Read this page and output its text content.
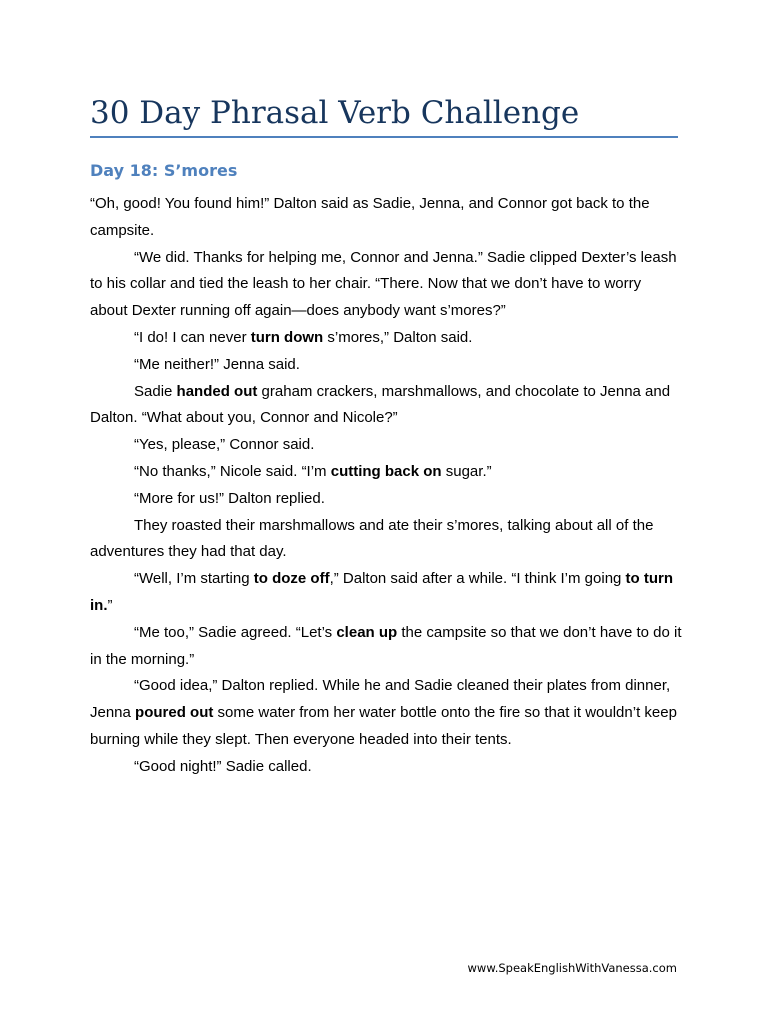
30 Day Phrasal Verb Challenge
Day 18: S’mores

“Oh, good! You found him!” Dalton said as Sadie, Jenna, and Connor got back to the campsite.

“We did. Thanks for helping me, Connor and Jenna.” Sadie clipped Dexter’s leash to his collar and tied the leash to her chair. “There. Now that we don’t have to worry about Dexter running off again—does anybody want s’mores?”

“I do! I can never turn down s’mores,” Dalton said.

“Me neither!” Jenna said.

Sadie handed out graham crackers, marshmallows, and chocolate to Jenna and Dalton. “What about you, Connor and Nicole?”

“Yes, please,” Connor said.

“No thanks,” Nicole said. “I’m cutting back on sugar.”

“More for us!” Dalton replied.

They roasted their marshmallows and ate their s’mores, talking about all of the adventures they had that day.

“Well, I’m starting to doze off,” Dalton said after a while. “I think I’m going to turn in.”

“Me too,” Sadie agreed. “Let’s clean up the campsite so that we don’t have to do it in the morning.”

“Good idea,” Dalton replied. While he and Sadie cleaned their plates from dinner, Jenna poured out some water from her water bottle onto the fire so that it wouldn’t keep burning while they slept. Then everyone headed into their tents.

“Good night!” Sadie called.

www.SpeakEnglishWithVanessa.com
